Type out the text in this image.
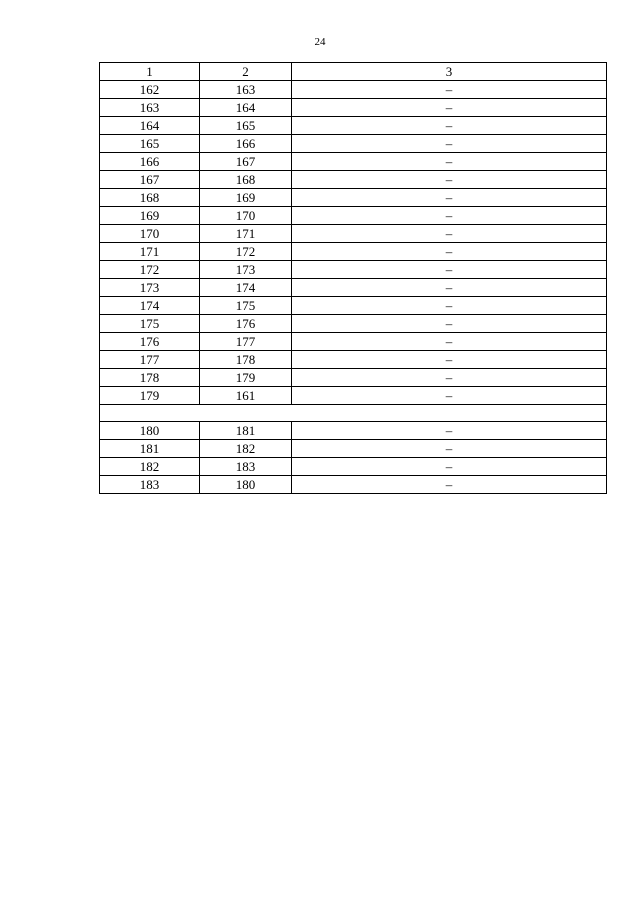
24
1	2	3
162	163	–
163	164	–
164	165	–
165	166	–
166	167	–
167	168	–
168	169	–
169	170	–
170	171	–
171	172	–
172	173	–
173	174	–
174	175	–
175	176	–
176	177	–
177	178	–
178	179	–
179	161	–

180	181	–
181	182	–
182	183	–
183	180	–
